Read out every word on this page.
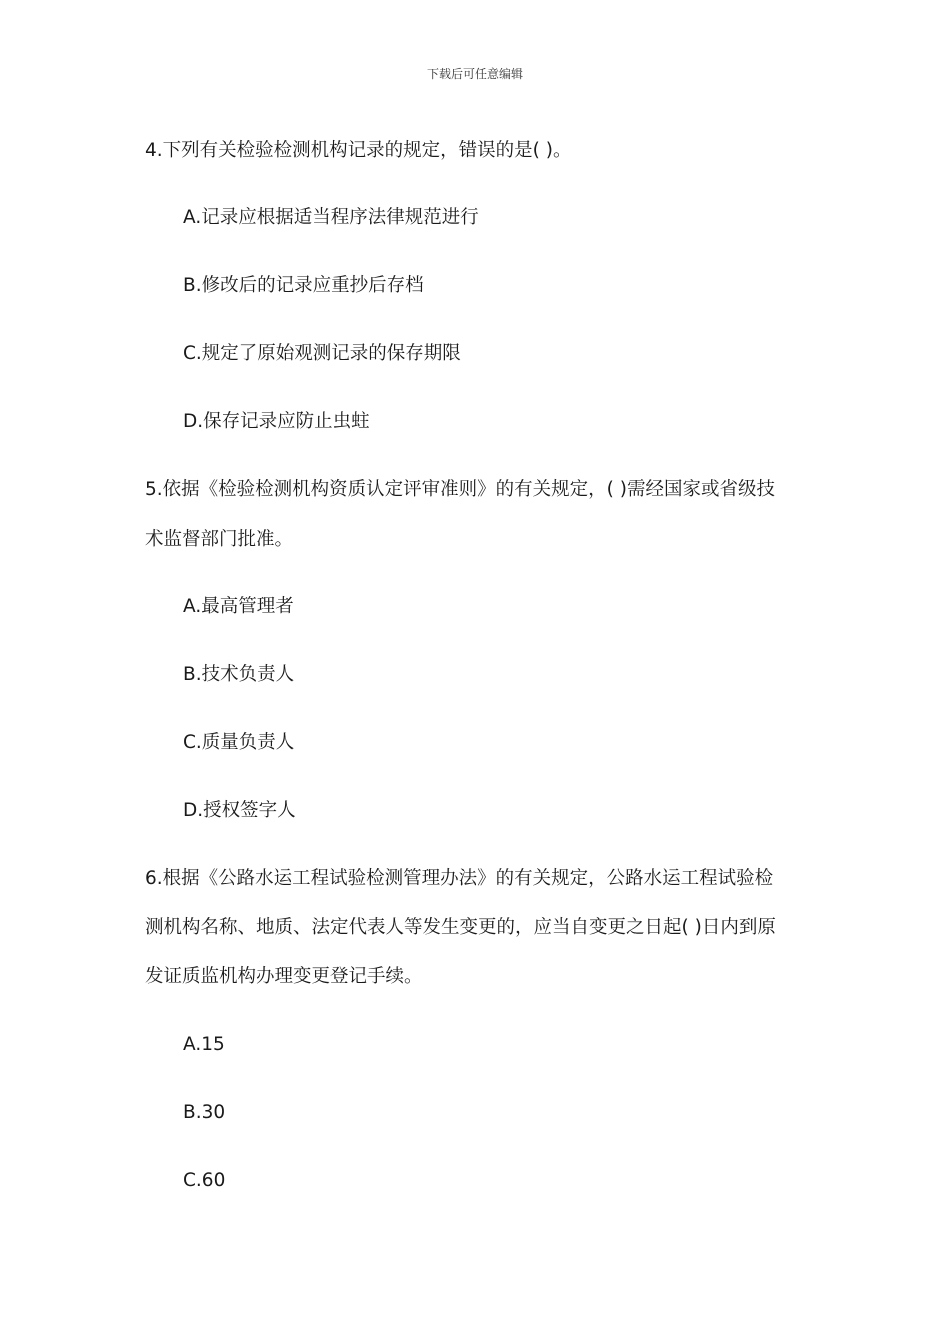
下载后可任意编辑
4.下列有关检验检测机构记录的规定，错误的是( )。
A.记录应根据适当程序法律规范进行
B.修改后的记录应重抄后存档
C.规定了原始观测记录的保存期限
D.保存记录应防止虫蛀
5.依据《检验检测机构资质认定评审准则》的有关规定，( )需经国家或省级技
术监督部门批准。
A.最高管理者
B.技术负责人
C.质量负责人
D.授权签字人
6.根据《公路水运工程试验检测管理办法》的有关规定，公路水运工程试验检
测机构名称、地质、法定代表人等发生变更的，应当自变更之日起( )日内到原
发证质监机构办理变更登记手续。
A.15
B.30
C.60
